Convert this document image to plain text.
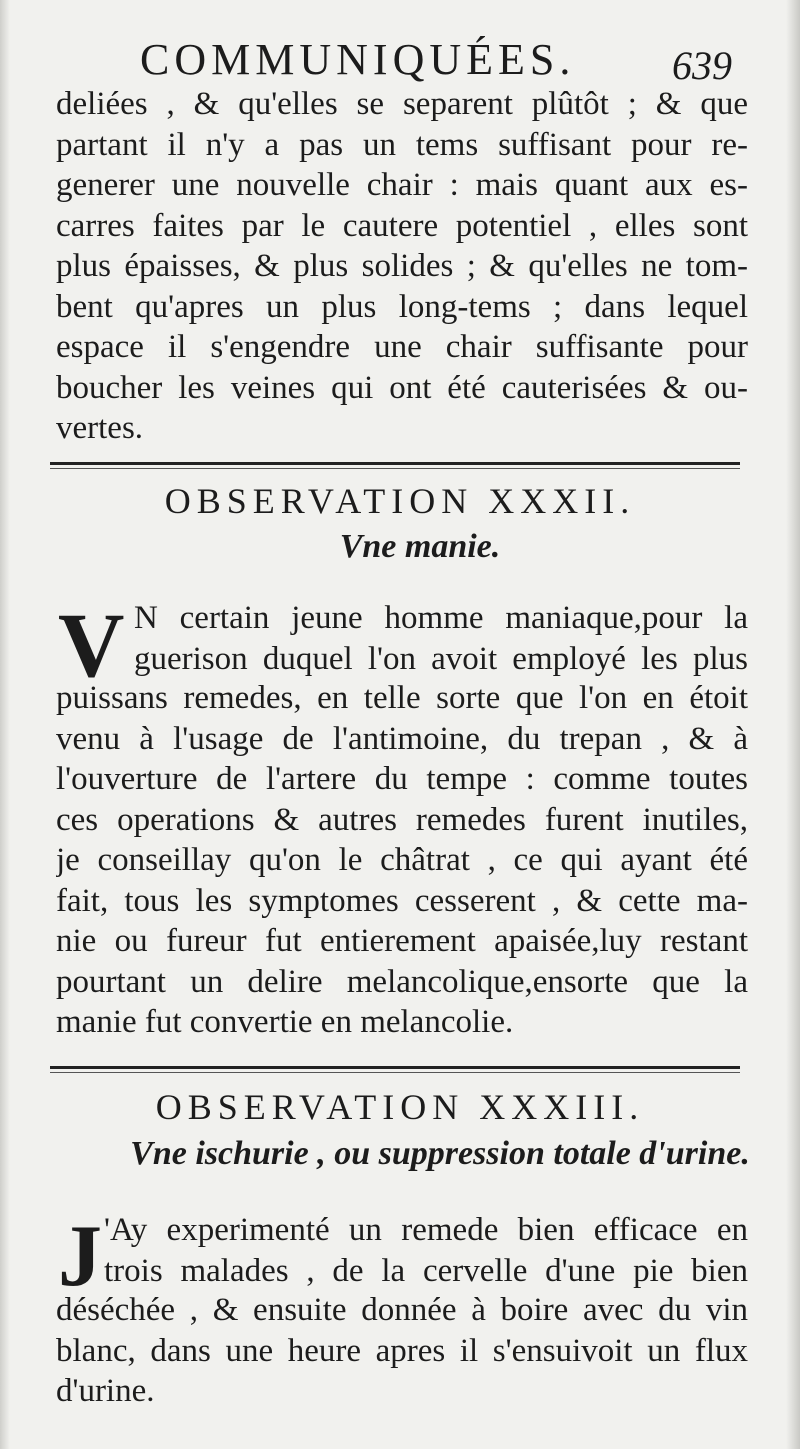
COMMUNIQUÉES. 639
deliées , & qu'elles se separent plûtôt ; & que
partant il n'y a pas un tems suffisant pour re-
generer une nouvelle chair : mais quant aux es-
carres faites par le cautere potentiel , elles sont
plus épaisses, & plus solides ; & qu'elles ne tom-
bent qu'apres un plus long-tems ; dans lequel
espace il s'engendre une chair suffisante pour
boucher les veines qui ont été cauterisées & ou-
vertes.
OBSERVATION XXXII.
Vne manie.
V N certain jeune homme maniaque,pour la
guerison duquel l'on avoit employé les plus
puissans remedes, en telle sorte que l'on en étoit
venu à l'usage de l'antimoine, du trepan , & à
l'ouverture de l'artere du tempe : comme toutes
ces operations & autres remedes furent inutiles,
je conseillay qu'on le châtrat , ce qui ayant été
fait, tous les symptomes cesserent , & cette ma-
nie ou fureur fut entierement apaisée,luy restant
pourtant un delire melancolique,ensorte que la
manie fut convertie en melancolie.
OBSERVATION XXXIII.
Vne ischurie , ou suppression totale d'urine.
J 'Ay experimenté un remede bien efficace en
trois malades , de la cervelle d'une pie bien
déséchée , & ensuite donnée à boire avec du vin
blanc, dans une heure apres il s'ensuivoit un flux
d'urine.
